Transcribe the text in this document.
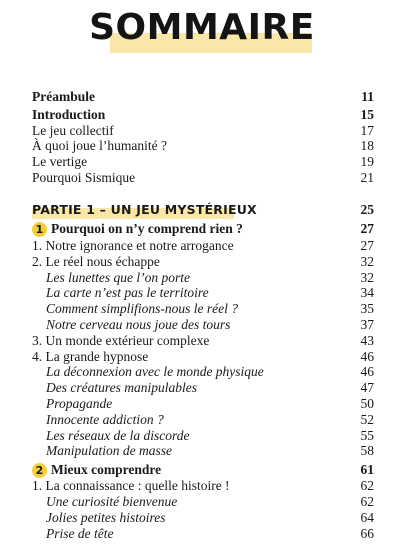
SOMMAIRE
Préambule	11
Introduction	15
Le jeu collectif	17
À quoi joue l’humanité ?	18
Le vertige	19
Pourquoi Sismique	21
PARTIE 1 – UN JEU MYSTÉRIEUX	25
1 Pourquoi on n’y comprend rien ?	27
1. Notre ignorance et notre arrogance	27
2. Le réel nous échappe	32
Les lunettes que l’on porte	32
La carte n’est pas le territoire	34
Comment simplifions-nous le réel ?	35
Notre cerveau nous joue des tours	37
3. Un monde extérieur complexe	43
4. La grande hypnose	46
La déconnexion avec le monde physique	46
Des créatures manipulables	47
Propagande	50
Innocente addiction ?	52
Les réseaux de la discorde	55
Manipulation de masse	58
2 Mieux comprendre	61
1. La connaissance : quelle histoire !	62
Une curiosité bienvenue	62
Jolies petites histoires	64
Prise de tête	66
